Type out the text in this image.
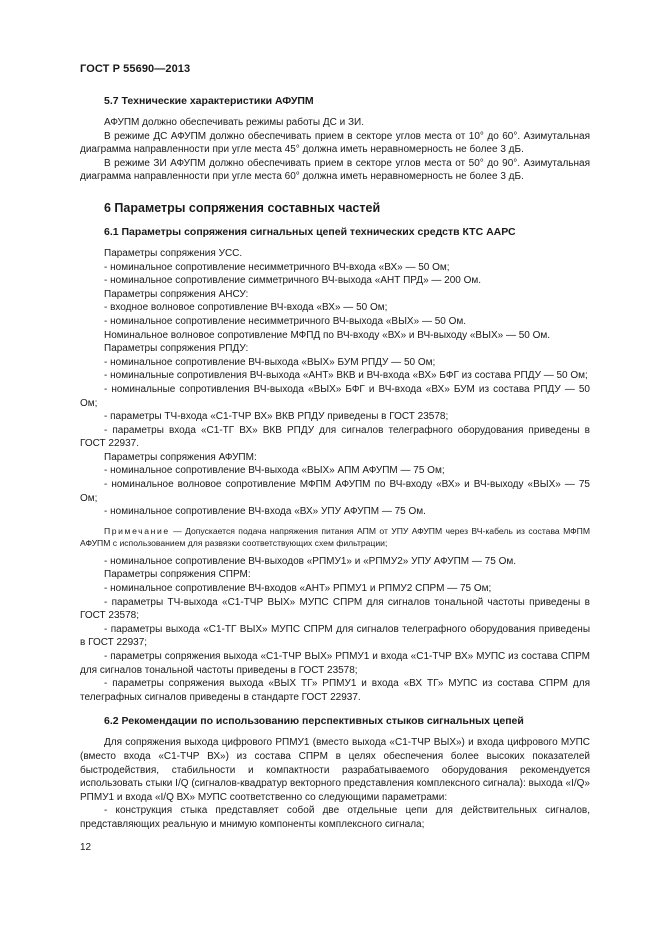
ГОСТ Р 55690—2013
5.7 Технические характеристики АФУПМ

АФУПМ должно обеспечивать режимы работы ДС и ЗИ.

В режиме ДС АФУПМ должно обеспечивать прием в секторе углов места от 10° до 60°. Азимутальная диаграмма направленности при угле места 45° должна иметь неравномерность не более 3 дБ.

В режиме ЗИ АФУПМ должно обеспечивать прием в секторе углов места от 50° до 90°. Азимутальная диаграмма направленности при угле места 60° должна иметь неравномерность не более 3 дБ.

6 Параметры сопряжения составных частей
6.1 Параметры сопряжения сигнальных цепей технических средств КТС ААРС

Параметры сопряжения УСС.

- номинальное сопротивление несимметричного ВЧ-входа «ВХ» — 50 Ом;

- номинальное сопротивление симметричного ВЧ-выхода «АНТ ПРД» — 200 Ом.

Параметры сопряжения АНСУ:

- входное волновое сопротивление ВЧ-входа «ВХ» — 50 Ом;

- номинальное сопротивление несимметричного ВЧ-выхода «ВЫХ» — 50 Ом.

Номинальное волновое сопротивление МФПД по ВЧ-входу «ВХ» и ВЧ-выходу «ВЫХ» — 50 Ом.

Параметры сопряжения РПДУ:

- номинальное сопротивление ВЧ-выхода «ВЫХ» БУМ РПДУ — 50 Ом;

- номинальные сопротивления ВЧ-выхода «АНТ» ВКВ и ВЧ-входа «ВХ» БФГ из состава РПДУ — 50 Ом;

- номинальные сопротивления ВЧ-выхода «ВЫХ» БФГ и ВЧ-входа «ВХ» БУМ из состава РПДУ — 50 Ом;

- параметры ТЧ-входа «С1-ТЧР ВХ» ВКВ РПДУ приведены в ГОСТ 23578;

- параметры входа «С1-ТГ ВХ» ВКВ РПДУ для сигналов телеграфного оборудования приведены в ГОСТ 22937.

Параметры сопряжения АФУПМ:

- номинальное сопротивление ВЧ-выхода «ВЫХ» АПМ АФУПМ — 75 Ом;

- номинальное волновое сопротивление МФПМ АФУПМ по ВЧ-входу «ВХ» и ВЧ-выходу «ВЫХ» — 75 Ом;

- номинальное сопротивление ВЧ-входа «ВХ» УПУ АФУПМ — 75 Ом.

Примечание — Допускается подача напряжения питания АПМ от УПУ АФУПМ через ВЧ-кабель из состава МФПМ АФУПМ с использованием для развязки соответствующих схем фильтрации;

- номинальное сопротивление ВЧ-выходов «РПМУ1» и «РПМУ2» УПУ АФУПМ — 75 Ом.

Параметры сопряжения СПРМ:

- номинальное сопротивление ВЧ-входов «АНТ» РПМУ1 и РПМУ2 СПРМ — 75 Ом;

- параметры ТЧ-выхода «С1-ТЧР ВЫХ» МУПС СПРМ для сигналов тональной частоты приведены в ГОСТ 23578;

- параметры выхода «С1-ТГ ВЫХ» МУПС СПРМ для сигналов телеграфного оборудования приведены в ГОСТ 22937;

- параметры сопряжения выхода «С1-ТЧР ВЫХ» РПМУ1 и входа «С1-ТЧР ВХ» МУПС из состава СПРМ для сигналов тональной частоты приведены в ГОСТ 23578;

- параметры сопряжения выхода «ВЫХ ТГ» РПМУ1 и входа «ВХ ТГ» МУПС из состава СПРМ для телеграфных сигналов приведены в стандарте ГОСТ 22937.

6.2 Рекомендации по использованию перспективных стыков сигнальных цепей

Для сопряжения выхода цифрового РПМУ1 (вместо выхода «С1-ТЧР ВЫХ») и входа цифрового МУПС (вместо входа «С1-ТЧР ВХ») из состава СПРМ в целях обеспечения более высоких показателей быстродействия, стабильности и компактности разрабатываемого оборудования рекомендуется использовать стыки I/Q (сигналов-квадратур векторного представления комплексного сигнала): выхода «I/Q» РПМУ1 и входа «I/Q ВХ» МУПС соответственно со следующими параметрами:

- конструкция стыка представляет собой две отдельные цепи для действительных сигналов, представляющих реальную и мнимую компоненты комплексного сигнала;

12
